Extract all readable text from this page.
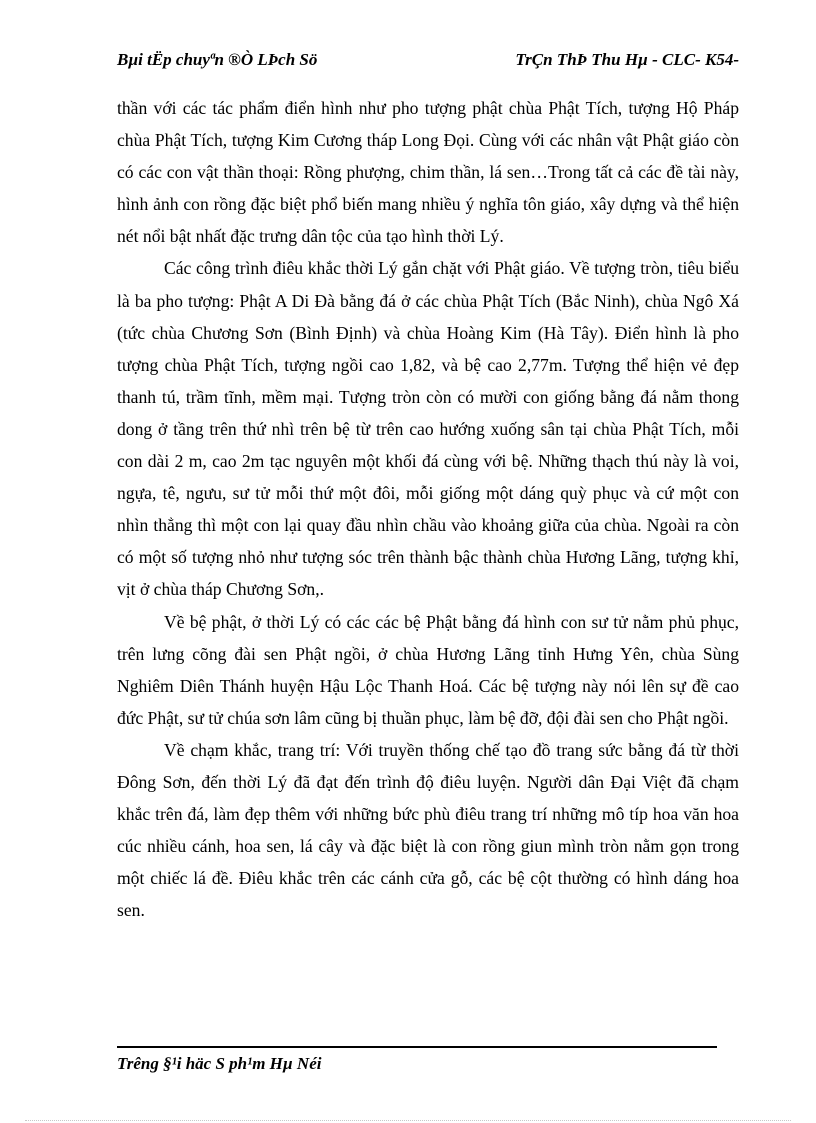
Bµi tËp chuyªn ®Ò LÞch Sö	TrÇn ThÞ Thu Hµ - CLC- K54-

thần với các tác phẩm điển hình như pho tượng phật chùa Phật Tích, tượng Hộ Pháp chùa Phật Tích, tượng Kim Cương tháp Long Đọi. Cùng với các nhân vật Phật giáo còn có các con vật thần thoại: Rồng phượng, chim thần, lá sen…Trong tất cả các đề tài này, hình ảnh con rồng đặc biệt phổ biến mang nhiều ý nghĩa tôn giáo, xây dựng và thể hiện nét nổi bật nhất đặc trưng dân tộc của tạo hình thời Lý.

Các công trình điêu khắc thời Lý gắn chặt với Phật giáo. Về tượng tròn, tiêu biểu là ba pho tượng: Phật A Di Đà bằng đá ở các chùa Phật Tích (Bắc Ninh), chùa Ngô Xá (tức chùa Chương Sơn (Bình Định) và chùa Hoàng Kim (Hà Tây). Điển hình là pho tượng chùa Phật Tích, tượng ngồi cao 1,82, và bệ cao 2,77m. Tượng thể hiện vẻ đẹp thanh tú, trầm tĩnh, mềm mại. Tượng tròn còn có mười con giống bằng đá nằm thong dong ở tầng trên thứ nhì trên bệ từ trên cao hướng xuống sân tại chùa Phật Tích, mỗi con dài 2 m, cao 2m tạc nguyên một khối đá cùng với bệ. Những thạch thú này là voi, ngựa, tê, ngưu, sư tử mỗi thứ một đôi, mỗi giống một dáng quỳ phục và cứ một con nhìn thẳng thì một con lại quay đầu nhìn chầu vào khoảng giữa của chùa. Ngoài ra còn có một số tượng nhỏ như tượng sóc trên thành bậc thành chùa Hương Lãng, tượng khỉ, vịt ở chùa tháp Chương Sơn,.

Về bệ phật, ở thời Lý có các các bệ Phật bằng đá hình con sư tử nằm phủ phục, trên lưng cõng đài sen Phật ngồi, ở chùa Hương Lãng tỉnh Hưng Yên, chùa Sùng Nghiêm Diên Thánh huyện Hậu Lộc Thanh Hoá. Các bệ tượng này nói lên sự đề cao đức Phật, sư tử chúa sơn lâm cũng bị thuần phục, làm bệ đỡ, đội đài sen cho Phật ngồi.

Về chạm khắc, trang trí: Với truyền thống chế tạo đồ trang sức bằng đá từ thời Đông Sơn, đến thời Lý đã đạt đến trình độ điêu luyện. Người dân Đại Việt đã chạm khắc trên đá, làm đẹp thêm với những bức phù điêu trang trí những mô típ hoa văn hoa cúc nhiều cánh, hoa sen, lá cây và đặc biệt là con rồng giun mình tròn nằm gọn trong một chiếc lá đề. Điêu khắc trên các cánh cửa gỗ, các bệ cột thường có hình dáng hoa sen.

Trêng §¹i häc S ph¹m Hµ Néi
